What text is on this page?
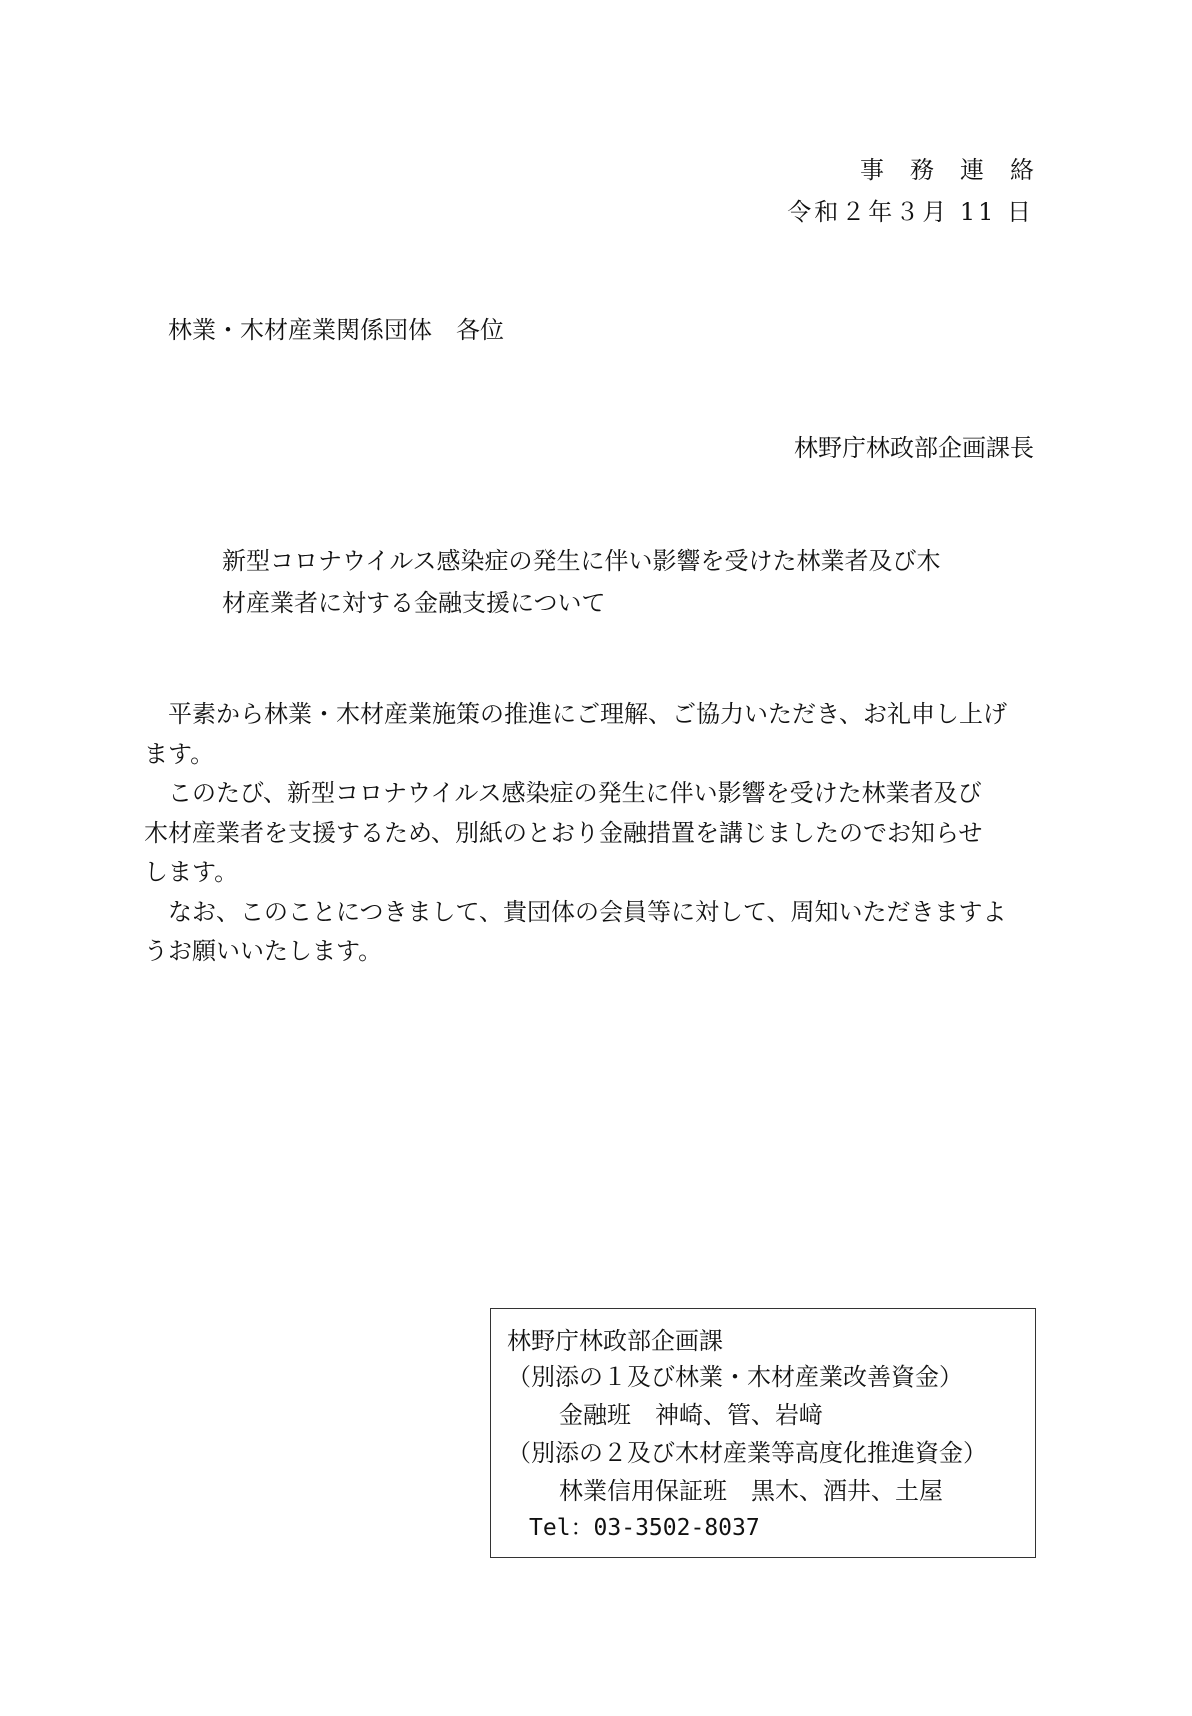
事務連絡
令和２年３月 11 日
林業・木材産業関係団体　各位
林野庁林政部企画課長
新型コロナウイルス感染症の発生に伴い影響を受けた林業者及び木
材産業者に対する金融支援について
　平素から林業・木材産業施策の推進にご理解、ご協力いただき、お礼申し上げ
ます。
　このたび、新型コロナウイルス感染症の発生に伴い影響を受けた林業者及び
木材産業者を支援するため、別紙のとおり金融措置を講じましたのでお知らせ
します。
　なお、このことにつきまして、貴団体の会員等に対して、周知いただきますよ
うお願いいたします。
林野庁林政部企画課
（別添の１及び林業・木材産業改善資金）
金融班　神崎、管、岩﨑
（別添の２及び木材産業等高度化推進資金）
林業信用保証班　黒木、酒井、土屋
Tel：03-3502-8037
